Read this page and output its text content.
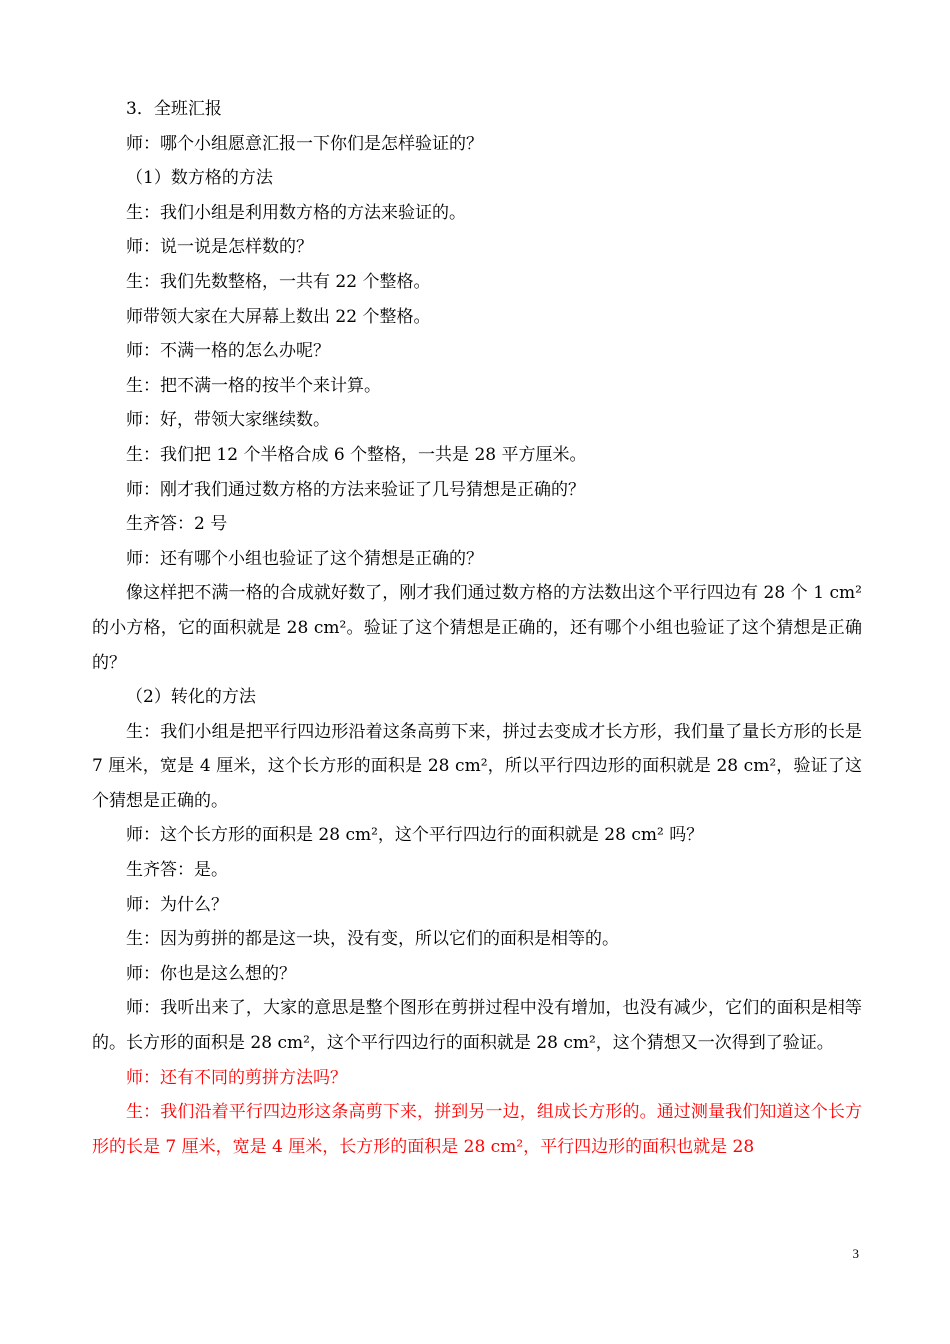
3．全班汇报

师：哪个小组愿意汇报一下你们是怎样验证的？

（1）数方格的方法

生：我们小组是利用数方格的方法来验证的。

师：说一说是怎样数的？

生：我们先数整格，一共有 22 个整格。

师带领大家在大屏幕上数出 22 个整格。

师：不满一格的怎么办呢？

生：把不满一格的按半个来计算。

师：好，带领大家继续数。

生：我们把 12 个半格合成 6 个整格，一共是 28 平方厘米。

师：刚才我们通过数方格的方法来验证了几号猜想是正确的？

生齐答：2 号

师：还有哪个小组也验证了这个猜想是正确的？

像这样把不满一格的合成就好数了，刚才我们通过数方格的方法数出这个平行四边有 28 个 1 cm² 的小方格，它的面积就是 28 cm²。验证了这个猜想是正确的，还有哪个小组也验证了这个猜想是正确的？

（2）转化的方法

生：我们小组是把平行四边形沿着这条高剪下来，拼过去变成才长方形，我们量了量长方形的长是 7 厘米，宽是 4 厘米，这个长方形的面积是 28 cm²，所以平行四边形的面积就是 28 cm²，验证了这个猜想是正确的。

师：这个长方形的面积是 28 cm²，这个平行四边行的面积就是 28 cm² 吗？

生齐答：是。

师：为什么？

生：因为剪拼的都是这一块，没有变，所以它们的面积是相等的。

师：你也是这么想的？

师：我听出来了，大家的意思是整个图形在剪拼过程中没有增加，也没有减少，它们的面积是相等的。长方形的面积是 28 cm²，这个平行四边行的面积就是 28 cm²，这个猜想又一次得到了验证。

师：还有不同的剪拼方法吗？

生：我们沿着平行四边形这条高剪下来，拼到另一边，组成长方形的。通过测量我们知道这个长方形的长是 7 厘米，宽是 4 厘米，长方形的面积是 28 cm²，平行四边形的面积也就是 28

3
